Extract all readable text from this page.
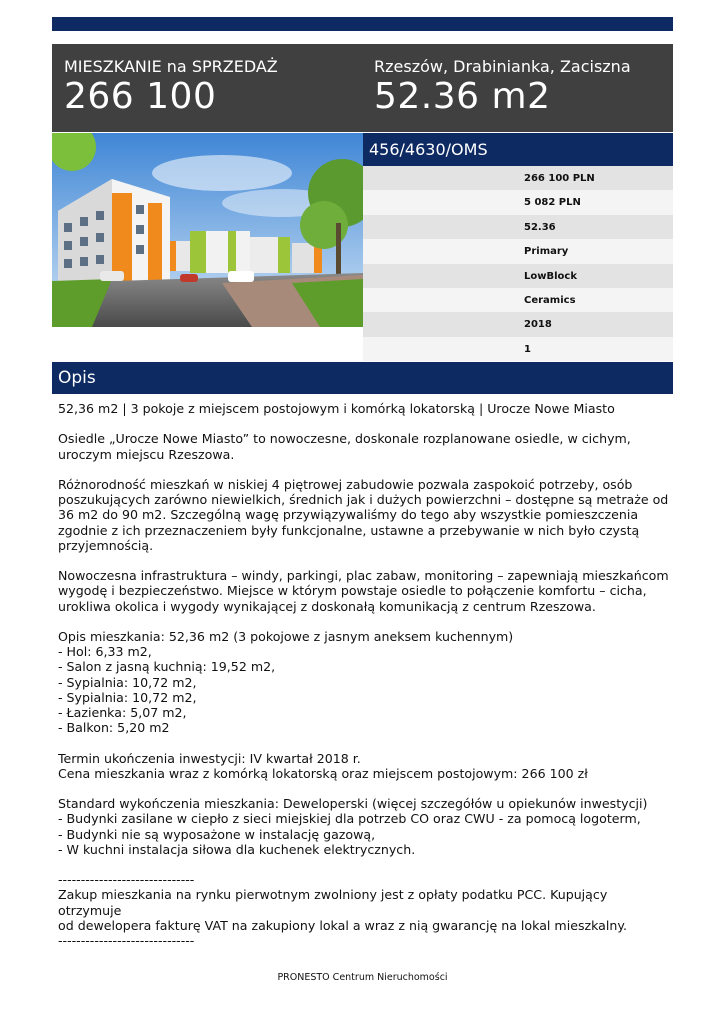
MIESZKANIE na SPRZEDAŻ
266 100
Rzeszów, Drabinianka, Zaciszna
52.36 m2
456/4630/OMS
266 100 PLN
5 082 PLN
52.36
Primary
LowBlock
Ceramics
2018
1
Opis
52,36 m2 | 3 pokoje z miejscem postojowym i komórką lokatorską | Urocze Nowe Miasto
Osiedle „Urocze Nowe Miasto” to nowoczesne, doskonale rozplanowane osiedle, w cichym,
uroczym miejscu Rzeszowa.
Różnorodność mieszkań w niskiej 4 piętrowej zabudowie pozwala zaspokoić potrzeby, osób
poszukujących zarówno niewielkich, średnich jak i dużych powierzchni – dostępne są metraże od
36 m2 do 90 m2. Szczególną wagę przywiązywaliśmy do tego aby wszystkie pomieszczenia
zgodnie z ich przeznaczeniem były funkcjonalne, ustawne a przebywanie w nich było czystą
przyjemnością.
Nowoczesna infrastruktura – windy, parkingi, plac zabaw, monitoring – zapewniają mieszkańcom
wygodę i bezpieczeństwo. Miejsce w którym powstaje osiedle to połączenie komfortu – cicha,
urokliwa okolica i wygody wynikającej z doskonałą komunikacją z centrum Rzeszowa.
Opis mieszkania: 52,36 m2 (3 pokojowe z jasnym aneksem kuchennym)
- Hol: 6,33 m2,
- Salon z jasną kuchnią: 19,52 m2,
- Sypialnia: 10,72 m2,
- Sypialnia: 10,72 m2,
- Łazienka: 5,07 m2,
- Balkon: 5,20 m2
Termin ukończenia inwestycji: IV kwartał 2018 r.
Cena mieszkania wraz z komórką lokatorską oraz miejscem postojowym: 266 100 zł
Standard wykończenia mieszkania: Deweloperski (więcej szczegółów u opiekunów inwestycji)
- Budynki zasilane w ciepło z sieci miejskiej dla potrzeb CO oraz CWU - za pomocą logoterm,
- Budynki nie są wyposażone w instalację gazową,
- W kuchni instalacja siłowa dla kuchenek elektrycznych.
------------------------------
Zakup mieszkania na rynku pierwotnym zwolniony jest z opłaty podatku PCC. Kupujący otrzymuje
od dewelopera fakturę VAT na zakupiony lokal a wraz z nią gwarancję na lokal mieszkalny.
------------------------------
PRONESTO Centrum Nieruchomości
